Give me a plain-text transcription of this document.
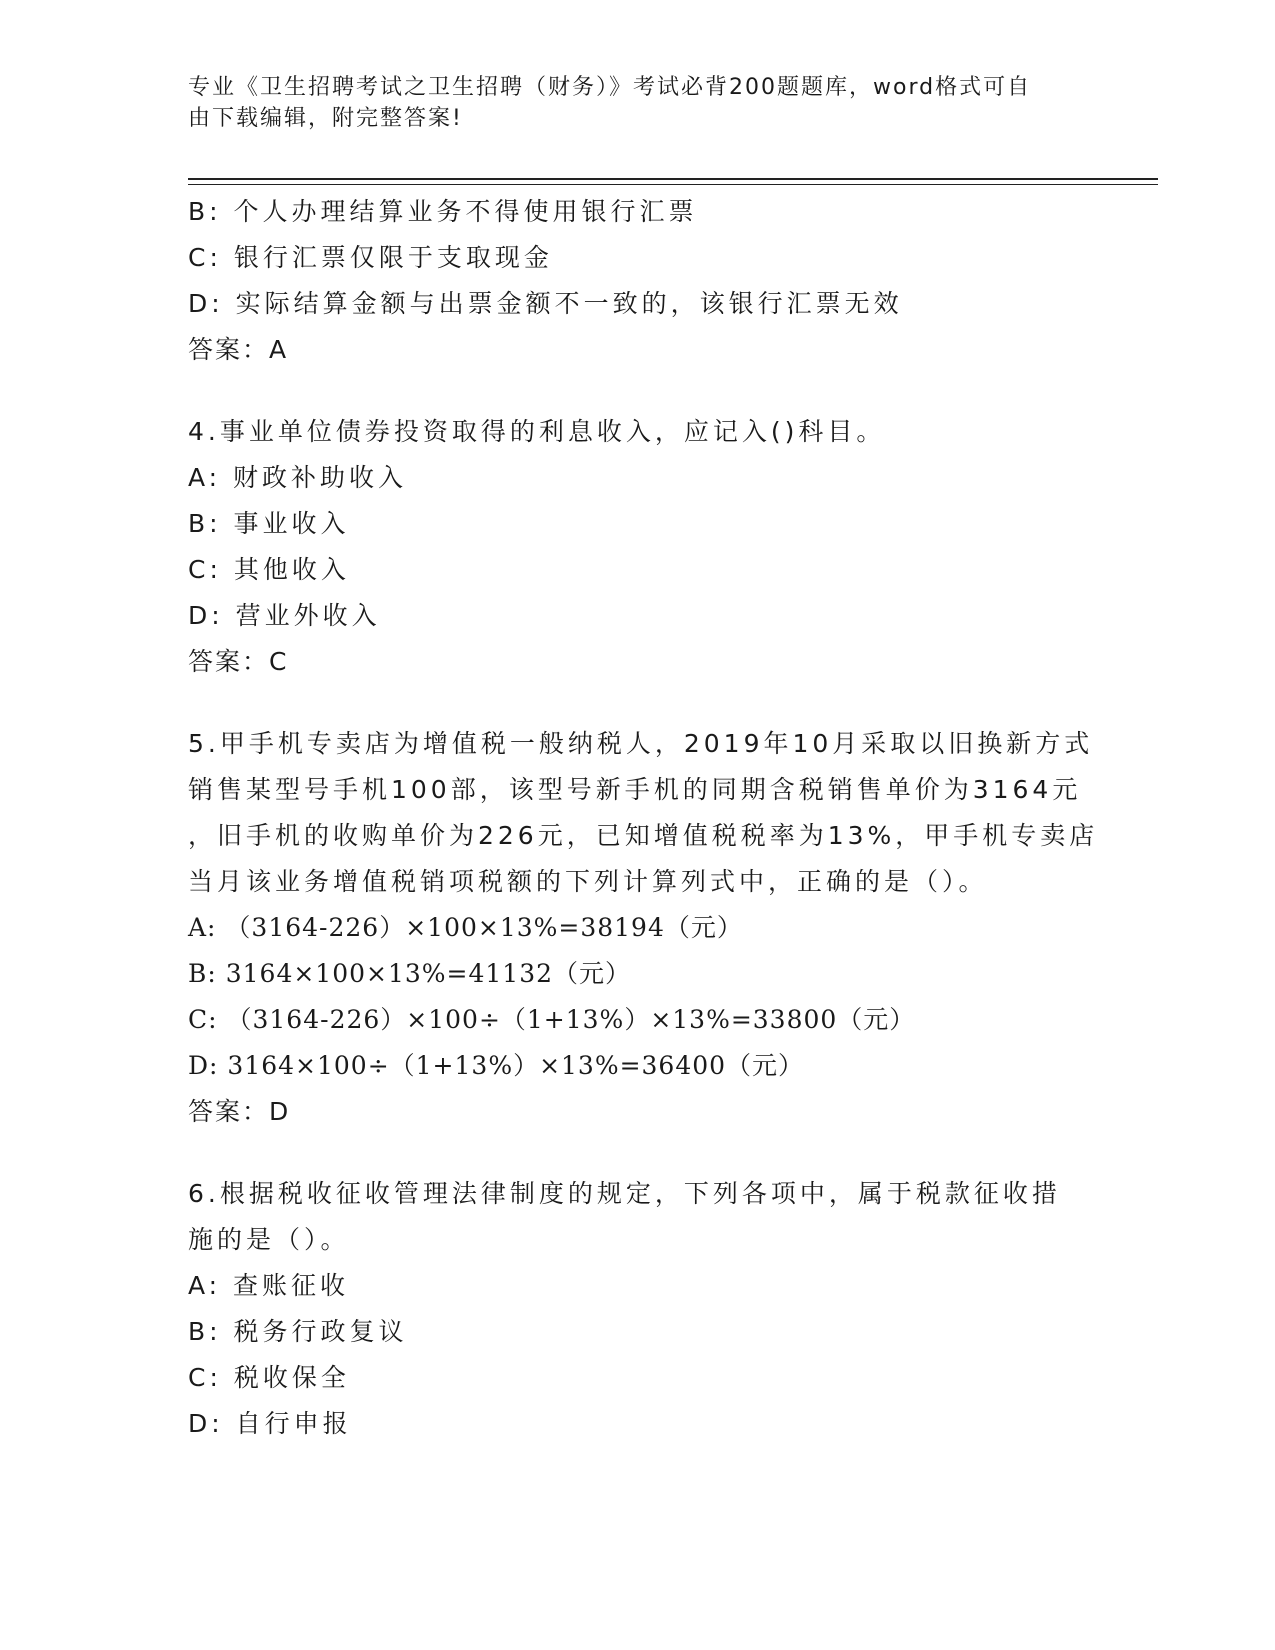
专业《卫生招聘考试之卫生招聘（财务）》考试必背200题题库，word格式可自
由下载编辑，附完整答案!
B: 个人办理结算业务不得使用银行汇票
C: 银行汇票仅限于支取现金
D: 实际结算金额与出票金额不一致的，该银行汇票无效
答案：A
4.事业单位债券投资取得的利息收入，应记入()科目。
A: 财政补助收入
B: 事业收入
C: 其他收入
D: 营业外收入
答案：C
5.甲手机专卖店为增值税一般纳税人，2019年10月采取以旧换新方式
销售某型号手机100部，该型号新手机的同期含税销售单价为3164元
，旧手机的收购单价为226元，已知增值税税率为13%，甲手机专卖店
当月该业务增值税销项税额的下列计算列式中，正确的是（）。
A: （3164-226）×100×13%=38194（元）
B: 3164×100×13%=41132（元）
C: （3164-226）×100÷（1+13%）×13%=33800（元）
D: 3164×100÷（1+13%）×13%=36400（元）
答案：D
6.根据税收征收管理法律制度的规定，下列各项中，属于税款征收措
施的是（）。
A: 查账征收
B: 税务行政复议
C: 税收保全
D: 自行申报
